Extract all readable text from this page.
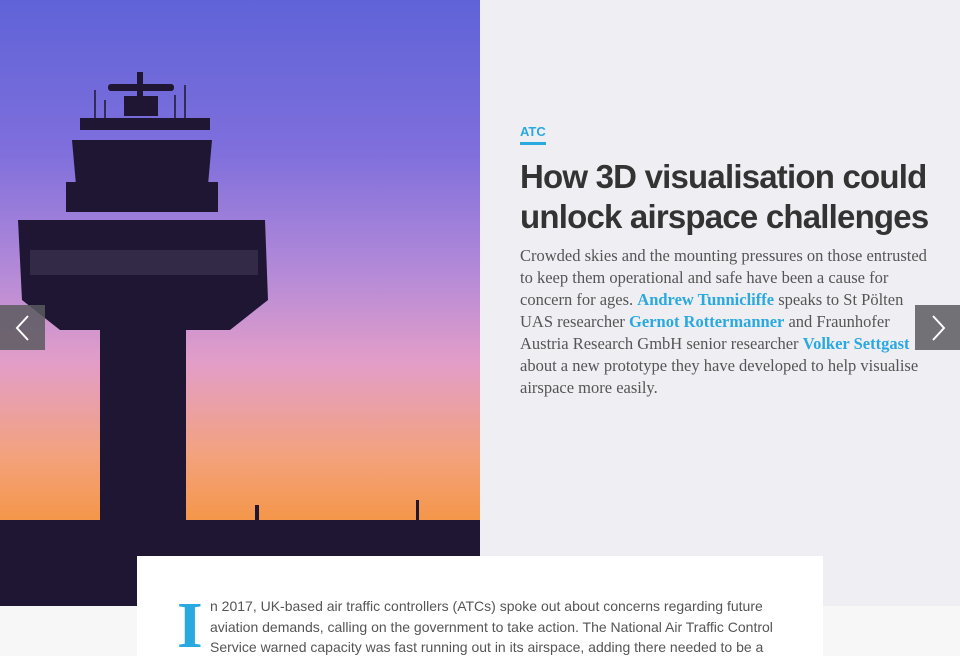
ATC
How 3D visualisation could unlock airspace challenges

Crowded skies and the mounting pressures on those entrusted to keep them operational and safe have been a cause for concern for ages. Andrew Tunnicliffe speaks to St Pölten UAS researcher Gernot Rottermanner and Fraunhofer Austria Research GmbH senior researcher Volker Settgast about a new prototype they have developed to help visualise airspace more easily.

I n 2017, UK-based air traffic controllers (ATCs) spoke out about concerns regarding future aviation demands, calling on the government to take action. The National Air Traffic Control Service warned capacity was fast running out in its airspace, adding there needed to be a
